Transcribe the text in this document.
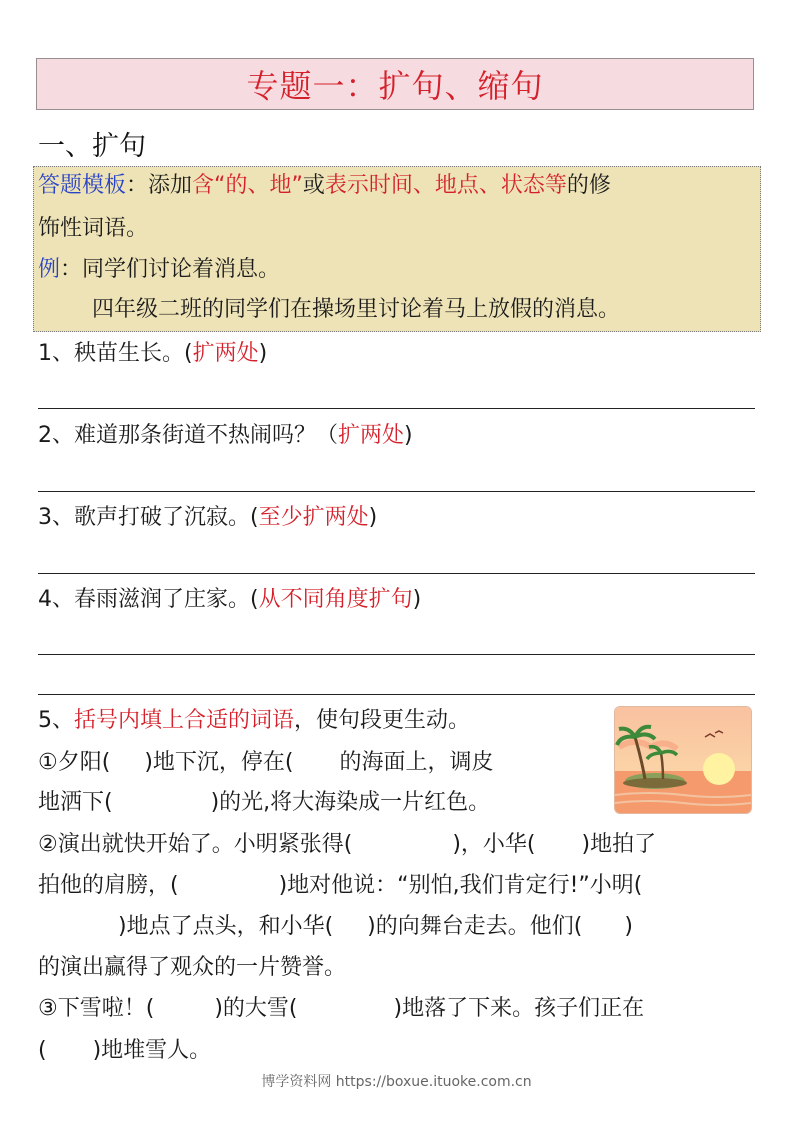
专题一：扩句、缩句
一、扩句
答题模板：添加含“的、地”或表示时间、地点、状态等的修
饰性词语。
例：同学们讨论着消息。
四年级二班的同学们在操场里讨论着马上放假的消息。
1、秧苗生长。(扩两处)
2、难道那条街道不热闹吗？（扩两处)
3、歌声打破了沉寂。(至少扩两处)
4、春雨滋润了庄家。(从不同角度扩句)
5、括号内填上合适的词语，使句段更生动。
①夕阳( )地下沉，停在( 的海面上，调皮
地洒下(	)的光,将大海染成一片红色。
②演出就快开始了。小明紧张得(	)，小华( )地拍了
拍他的肩膀，(	)地对他说：“别怕,我们肯定行!”小明(
)地点了点头，和小华( )的向舞台走去。他们( )
的演出赢得了观众的一片赞誉。
③下雪啦！(	)的大雪(	)地落了下来。孩子们正在
( )地堆雪人。
博学资料网 https://boxue.ituoke.com.cn
